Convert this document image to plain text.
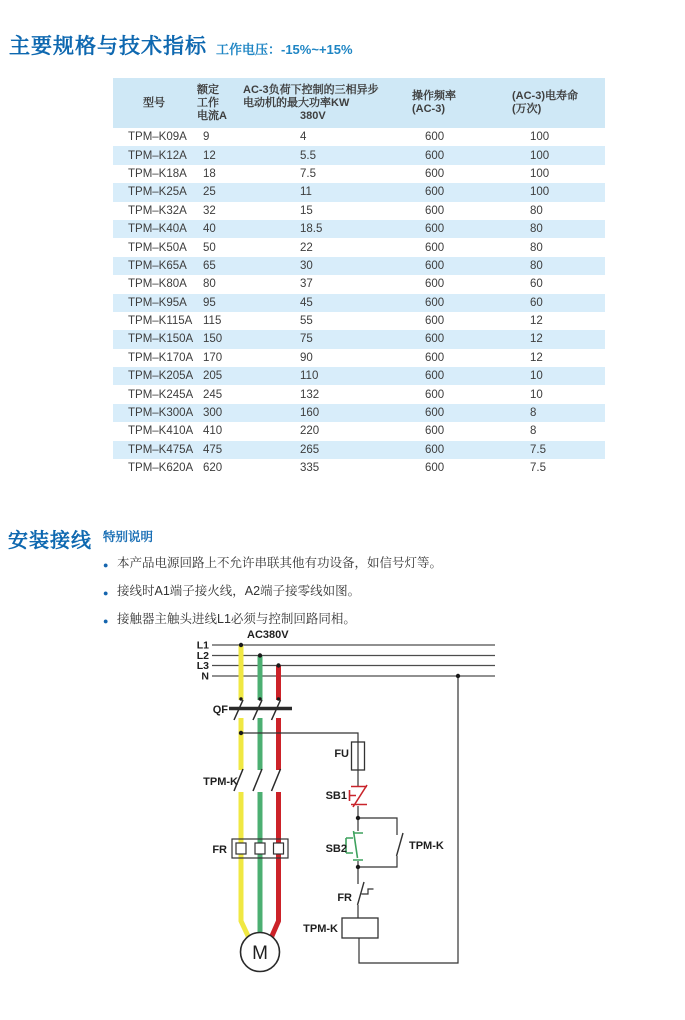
主要规格与技术指标 工作电压：-15%~+15%
型号
额定
工作
电流A
AC-3负荷下控制的三相异步
电动机的最大功率KW
380V
操作频率
(AC-3)
(AC-3)电寿命
(万次)
TPM–K09A	9	4	600	100
TPM–K12A	12	5.5	600	100
TPM–K18A	18	7.5	600	100
TPM–K25A	25	11	600	100
TPM–K32A	32	15	600	80
TPM–K40A	40	18.5	600	80
TPM–K50A	50	22	600	80
TPM–K65A	65	30	600	80
TPM–K80A	80	37	600	60
TPM–K95A	95	45	600	60
TPM–K115A 115	55	600	12
TPM–K150A 150	75	600	12
TPM–K170A 170	90	600	12
TPM–K205A 205	110	600	10
TPM–K245A 245	132	600	10
TPM–K300A 300	160	600	8
TPM–K410A 410	220	600	8
TPM–K475A 475	265	600	7.5
TPM–K620A 620	335	600	7.5
安装接线 特别说明
● 本产品电源回路上不允许串联其他有功设备，如信号灯等。
● 接线时A1端子接火线，A2端子接零线如图。
● 接触器主触头进线L1必须与控制回路同相。
M
AC380V
L1
L2
L3
N
QF
FU
SB1
SB2	TPM-K
TPM-K
FR
FR
TPM-K
